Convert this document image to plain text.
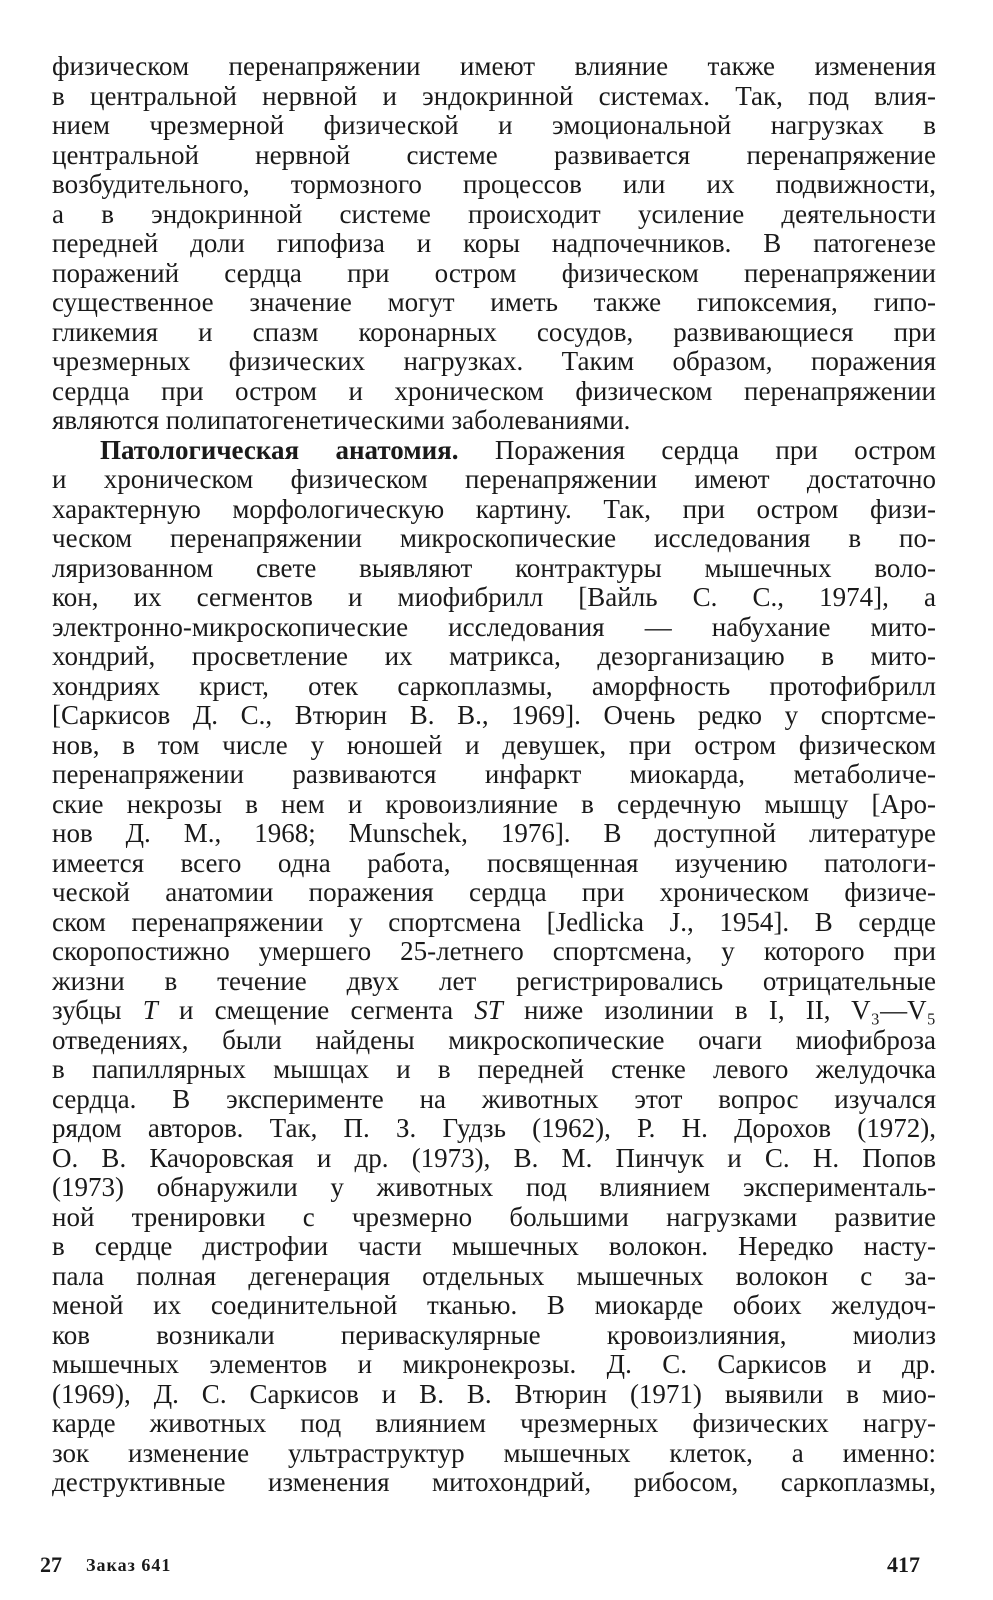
физическом перенапряжении имеют влияние также изменения
в центральной нервной и эндокринной системах. Так, под влия-
нием чрезмерной физической и эмоциональной нагрузках в
центральной нервной системе развивается перенапряжение
возбудительного, тормозного процессов или их подвижности,
а в эндокринной системе происходит усиление деятельности
передней доли гипофиза и коры надпочечников. В патогенезе
поражений сердца при остром физическом перенапряжении
существенное значение могут иметь также гипоксемия, гипо-
гликемия и спазм коронарных сосудов, развивающиеся при
чрезмерных физических нагрузках. Таким образом, поражения
сердца при остром и хроническом физическом перенапряжении
являются полипатогенетическими заболеваниями.
Патологическая анатомия. Поражения сердца при остром
и хроническом физическом перенапряжении имеют достаточно
характерную морфологическую картину. Так, при остром физи-
ческом перенапряжении микроскопические исследования в по-
ляризованном свете выявляют контрактуры мышечных воло-
кон, их сегментов и миофибрилл [Вайль С. С., 1974], а
электронно-микроскопические исследования — набухание мито-
хондрий, просветление их матрикса, дезорганизацию в мито-
хондриях крист, отек саркоплазмы, аморфность протофибрилл
[Саркисов Д. С., Втюрин В. В., 1969]. Очень редко у спортсме-
нов, в том числе у юношей и девушек, при остром физическом
перенапряжении развиваются инфаркт миокарда, метаболиче-
ские некрозы в нем и кровоизлияние в сердечную мышцу [Аро-
нов Д. М., 1968; Munschek, 1976]. В доступной литературе
имеется всего одна работа, посвященная изучению патологи-
ческой анатомии поражения сердца при хроническом физиче-
ском перенапряжении у спортсмена [Jedlicka J., 1954]. В сердце
скоропостижно умершего 25-летнего спортсмена, у которого при
жизни в течение двух лет регистрировались отрицательные
зубцы T и смещение сегмента ST ниже изолинии в I, II, V₃—V₅
отведениях, были найдены микроскопические очаги миофиброза
в папиллярных мышцах и в передней стенке левого желудочка
сердца. В эксперименте на животных этот вопрос изучался
рядом авторов. Так, П. З. Гудзь (1962), Р. Н. Дорохов (1972),
О. В. Качоровская и др. (1973), В. М. Пинчук и С. Н. Попов
(1973) обнаружили у животных под влиянием эксперименталь-
ной тренировки с чрезмерно большими нагрузками развитие
в сердце дистрофии части мышечных волокон. Нередко насту-
пала полная дегенерация отдельных мышечных волокон с за-
меной их соединительной тканью. В миокарде обоих желудоч-
ков возникали периваскулярные кровоизлияния, миолиз
мышечных элементов и микронекрозы. Д. С. Саркисов и др.
(1969), Д. С. Саркисов и В. В. Втюрин (1971) выявили в мио-
карде животных под влиянием чрезмерных физических нагру-
зок изменение ультраструктур мышечных клеток, а именно:
деструктивные изменения митохондрий, рибосом, саркоплазмы,
27 Заказ 641	417
